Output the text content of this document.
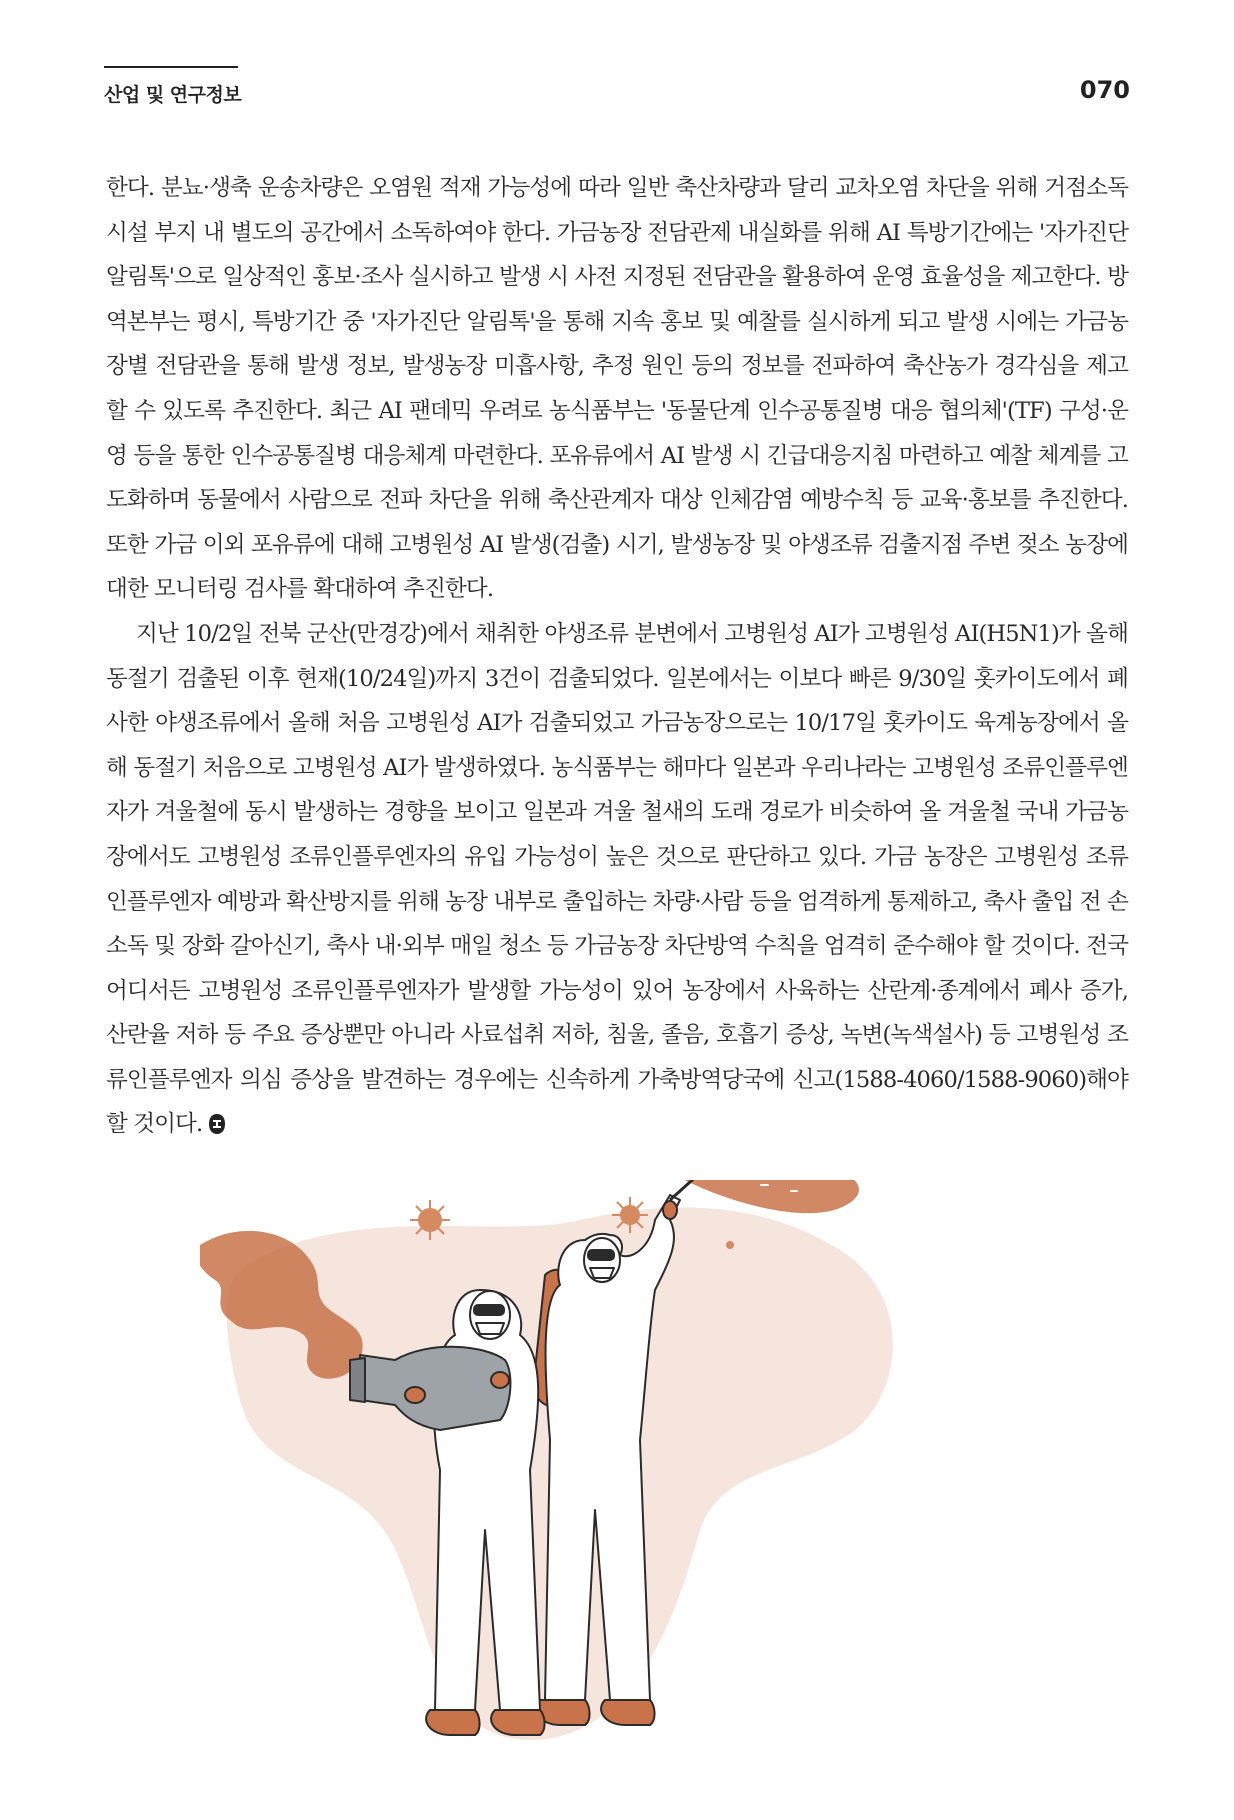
산업 및 연구정보	070

한다. 분뇨·생축 운송차량은 오염원 적재 가능성에 따라 일반 축산차량과 달리 교차오염 차단을 위해 거점소독시설 부지 내 별도의 공간에서 소독하여야 한다. 가금농장 전담관제 내실화를 위해 AI 특방기간에는 '자가진단 알림톡'으로 일상적인 홍보·조사 실시하고 발생 시 사전 지정된 전담관을 활용하여 운영 효율성을 제고한다. 방역본부는 평시, 특방기간 중 '자가진단 알림톡'을 통해 지속 홍보 및 예찰를 실시하게 되고 발생 시에는 가금농장별 전담관을 통해 발생 정보, 발생농장 미흡사항, 추정 원인 등의 정보를 전파하여 축산농가 경각심을 제고 할 수 있도록 추진한다. 최근 AI 팬데믹 우려로 농식품부는 '동물단계 인수공통질병 대응 협의체'(TF) 구성·운영 등을 통한 인수공통질병 대응체계 마련한다. 포유류에서 AI 발생 시 긴급대응지침 마련하고 예찰 체계를 고도화하며 동물에서 사람으로 전파 차단을 위해 축산관계자 대상 인체감염 예방수칙 등 교육·홍보를 추진한다. 또한 가금 이외 포유류에 대해 고병원성 AI 발생(검출) 시기, 발생농장 및 야생조류 검출지점 주변 젖소 농장에 대한 모니터링 검사를 확대하여 추진한다.

지난 10/2일 전북 군산(만경강)에서 채취한 야생조류 분변에서 고병원성 AI가 고병원성 AI(H5N1)가 올해 동절기 검출된 이후 현재(10/24일)까지 3건이 검출되었다. 일본에서는 이보다 빠른 9/30일 홋카이도에서 폐사한 야생조류에서 올해 처음 고병원성 AI가 검출되었고 가금농장으로는 10/17일 홋카이도 육계농장에서 올해 동절기 처음으로 고병원성 AI가 발생하였다. 농식품부는 해마다 일본과 우리나라는 고병원성 조류인플루엔자가 겨울철에 동시 발생하는 경향을 보이고 일본과 겨울 철새의 도래 경로가 비슷하여 올 겨울철 국내 가금농장에서도 고병원성 조류인플루엔자의 유입 가능성이 높은 것으로 판단하고 있다. 가금 농장은 고병원성 조류인플루엔자 예방과 확산방지를 위해 농장 내부로 출입하는 차량·사람 등을 엄격하게 통제하고, 축사 출입 전 손 소독 및 장화 갈아신기, 축사 내·외부 매일 청소 등 가금농장 차단방역 수칙을 엄격히 준수해야 할 것이다. 전국 어디서든 고병원성 조류인플루엔자가 발생할 가능성이 있어 농장에서 사육하는 산란계·종계에서 폐사 증가, 산란율 저하 등 주요 증상뿐만 아니라 사료섭취 저하, 침울, 졸음, 호흡기 증상, 녹변(녹색설사) 등 고병원성 조류인플루엔자 의심 증상을 발견하는 경우에는 신속하게 가축방역당국에 신고(1588-4060/1588-9060)해야 할 것이다.
